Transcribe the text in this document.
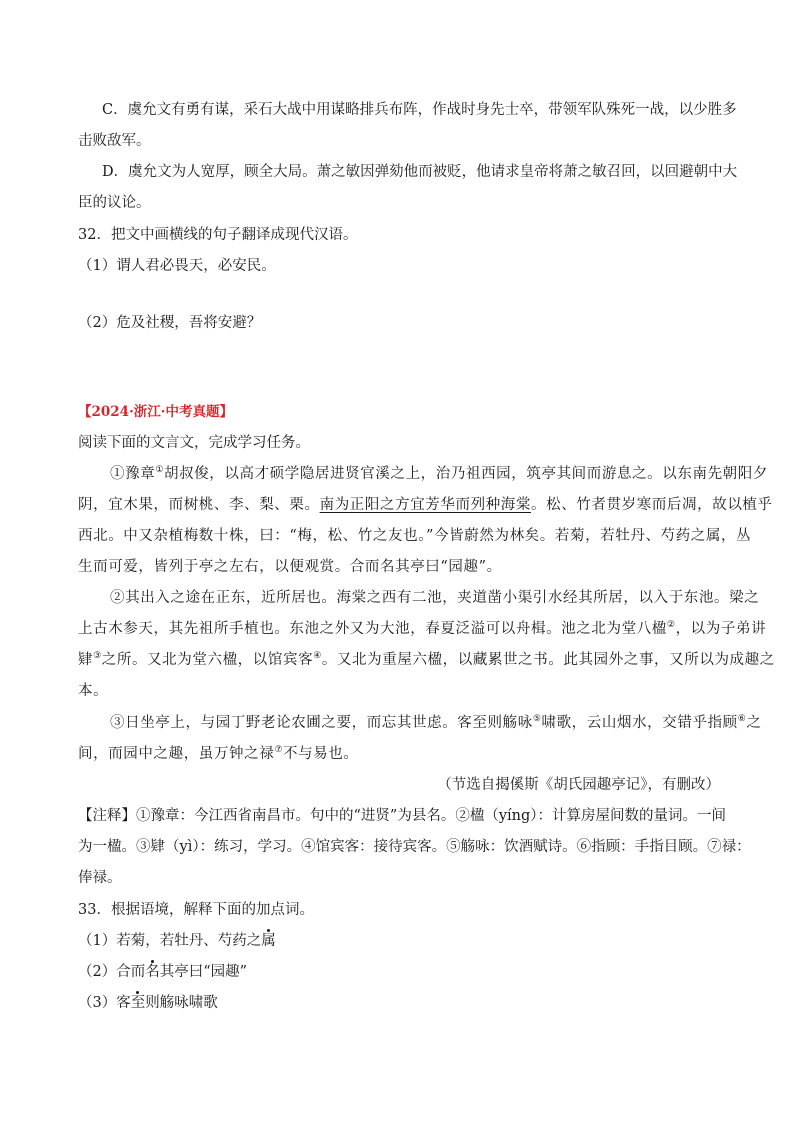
C．虞允文有勇有谋，采石大战中用谋略排兵布阵，作战时身先士卒，带领军队殊死一战，以少胜多
击败敌军。
D．虞允文为人宽厚，顾全大局。萧之敏因弹劾他而被贬，他请求皇帝将萧之敏召回，以回避朝中大
臣的议论。
32．把文中画横线的句子翻译成现代汉语。
（1）谓人君必畏天，必安民。
（2）危及社稷，吾将安避？
【2024·浙江·中考真题】
阅读下面的文言文，完成学习任务。
①豫章①胡叔俊，以高才硕学隐居进贤官溪之上，治乃祖西园，筑亭其间而游息之。以东南先朝阳夕
阴，宜木果，而树桃、李、梨、栗。南为正阳之方宜芳华而列种海棠。松、竹者贯岁寒而后凋，故以植乎
西北。中又杂植梅数十株，曰：“梅，松、竹之友也。”今皆蔚然为林矣。若菊，若牡丹、芍药之属，丛
生而可爱，皆列于亭之左右，以便观赏。合而名其亭曰“园趣”。
②其出入之途在正东，近所居也。海棠之西有二池，夹道凿小渠引水经其所居，以入于东池。梁之
上古木参天，其先祖所手植也。东池之外又为大池，春夏泛溢可以舟楫。池之北为堂八楹②，以为子弟讲
肄③之所。又北为堂六楹，以馆宾客④。又北为重屋六楹，以藏累世之书。此其园外之事，又所以为成趣之
本。
③日坐亭上，与园丁野老论农圃之要，而忘其世虑。客至则觞咏⑤啸歌，云山烟水，交错乎指顾⑥之
间，而园中之趣，虽万钟之禄⑦不与易也。
（节选自揭傒斯《胡氏园趣亭记》，有删改）
【注释】①豫章：今江西省南昌市。句中的“进贤”为县名。②楹（yíng）：计算房屋间数的量词。一间
为一楹。③肄（yì）：练习，学习。④馆宾客：接待宾客。⑤觞咏：饮酒赋诗。⑥指顾：手指目顾。⑦禄：
俸禄。
33．根据语境，解释下面的加点词。
（1）若菊，若牡丹、芍药之属
（2）合而名其亭曰“园趣”
（3）客至则觞咏啸歌
